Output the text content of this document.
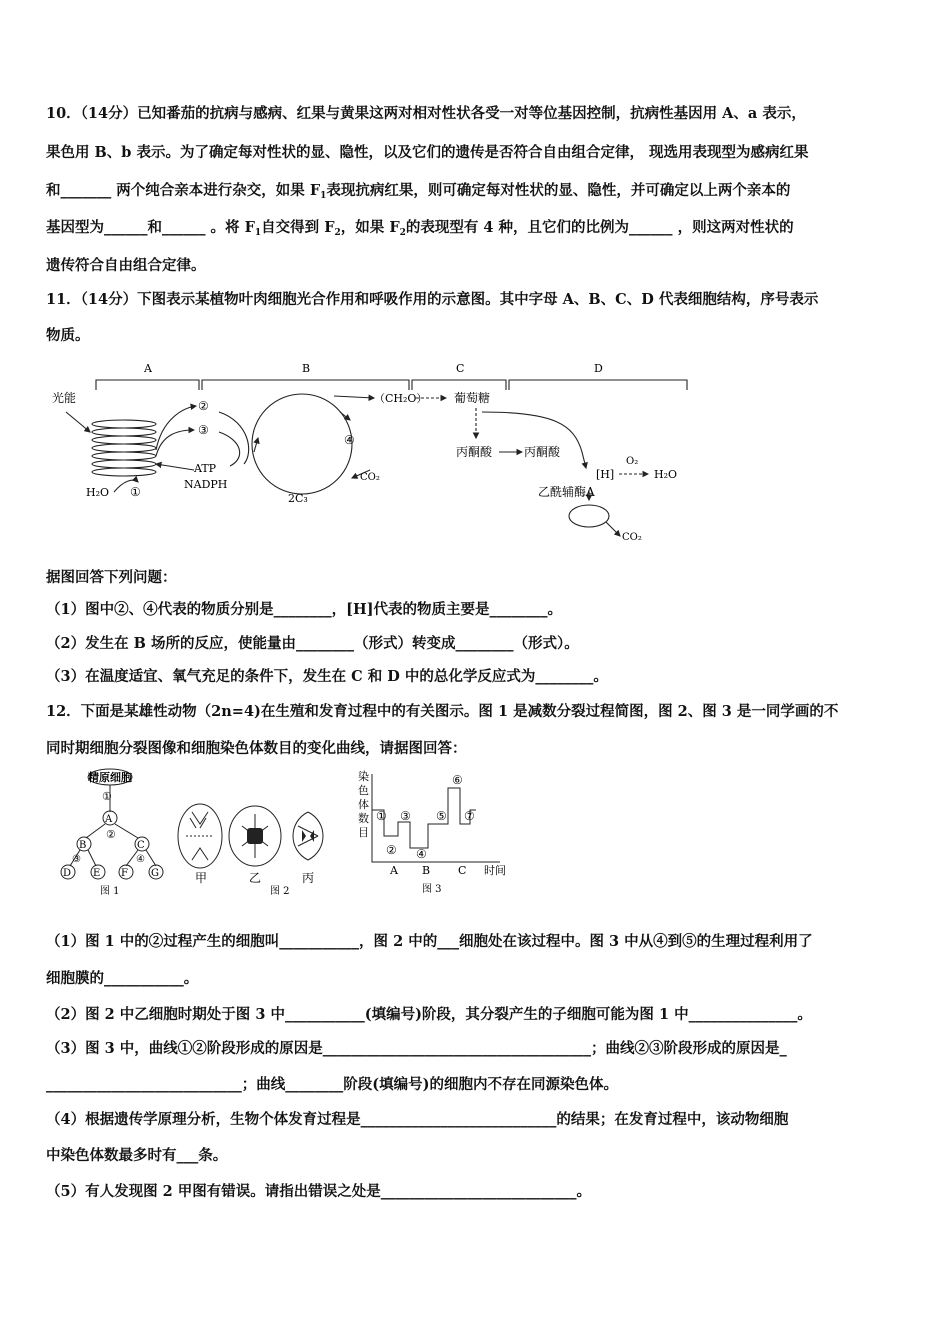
10．（14分）已知番茄的抗病与感病、红果与黄果这两对相对性状各受一对等位基因控制，抗病性基因用 A、a 表示，
果色用 B、b 表示。为了确定每对性状的显、隐性，以及它们的遗传是否符合自由组合定律， 现选用表现型为感病红果
和_______ 两个纯合亲本进行杂交，如果 $F_1$表现抗病红果，则可确定每对性状的显、隐性，并可确定以上两个亲本的
基因型为______和______ 。将 $F_1$自交得到 $F_2$，如果 $F_2$的表现型有 4 种，且它们的比例为______ ，则这两对性状的
遗传符合自由组合定律。
11．（14分）下图表示某植物叶肉细胞光合作用和呼吸作用的示意图。其中字母 A、B、C、D 代表细胞结构，序号表示
物质。
A	B	C	D
光能
②
③
ATP
NADPH
H₂O ①
④
CO₂
2C₃
（CH₂O） 葡萄糖
丙酮酸	丙酮酸
[H]
O₂
H₂O
乙酰辅酶A
CO₂
据图回答下列问题：
（1）图中②、④代表的物质分别是________，[H]代表的物质主要是________。
（2）发生在 B 场所的反应，使能量由________（形式）转变成________（形式）。
（3）在温度适宜、氧气充足的条件下，发生在 C 和 D 中的总化学反应式为________。
12．下面是某雄性动物（2n=4)在生殖和发育过程中的有关图示。图 1 是减数分裂过程简图，图 2、图 3 是一同学画的不
同时期细胞分裂图像和细胞染色体数目的变化曲线，请据图回答：
精原细胞
①
A
②
B	C
③	④
D E F G
图 1
甲	乙	丙
图 2
染
色
体
数
目
①
②
③
④
⑤
⑥
⑦
A B	C 时间
图 3
（1）图 1 中的②过程产生的细胞叫___________，图 2 中的___细胞处在该过程中。图 3 中从④到⑤的生理过程利用了
细胞膜的___________。
（2）图 2 中乙细胞时期处于图 3 中___________(填编号)阶段，其分裂产生的子细胞可能为图 1 中_______________。
（3）图 3 中，曲线①②阶段形成的原因是_____________________________________；曲线②③阶段形成的原因是_
___________________________；曲线________阶段(填编号)的细胞内不存在同源染色体。
（4）根据遗传学原理分析，生物个体发育过程是___________________________的结果；在发育过程中，该动物细胞
中染色体数最多时有___条。
（5）有人发现图 2 甲图有错误。请指出错误之处是___________________________。
